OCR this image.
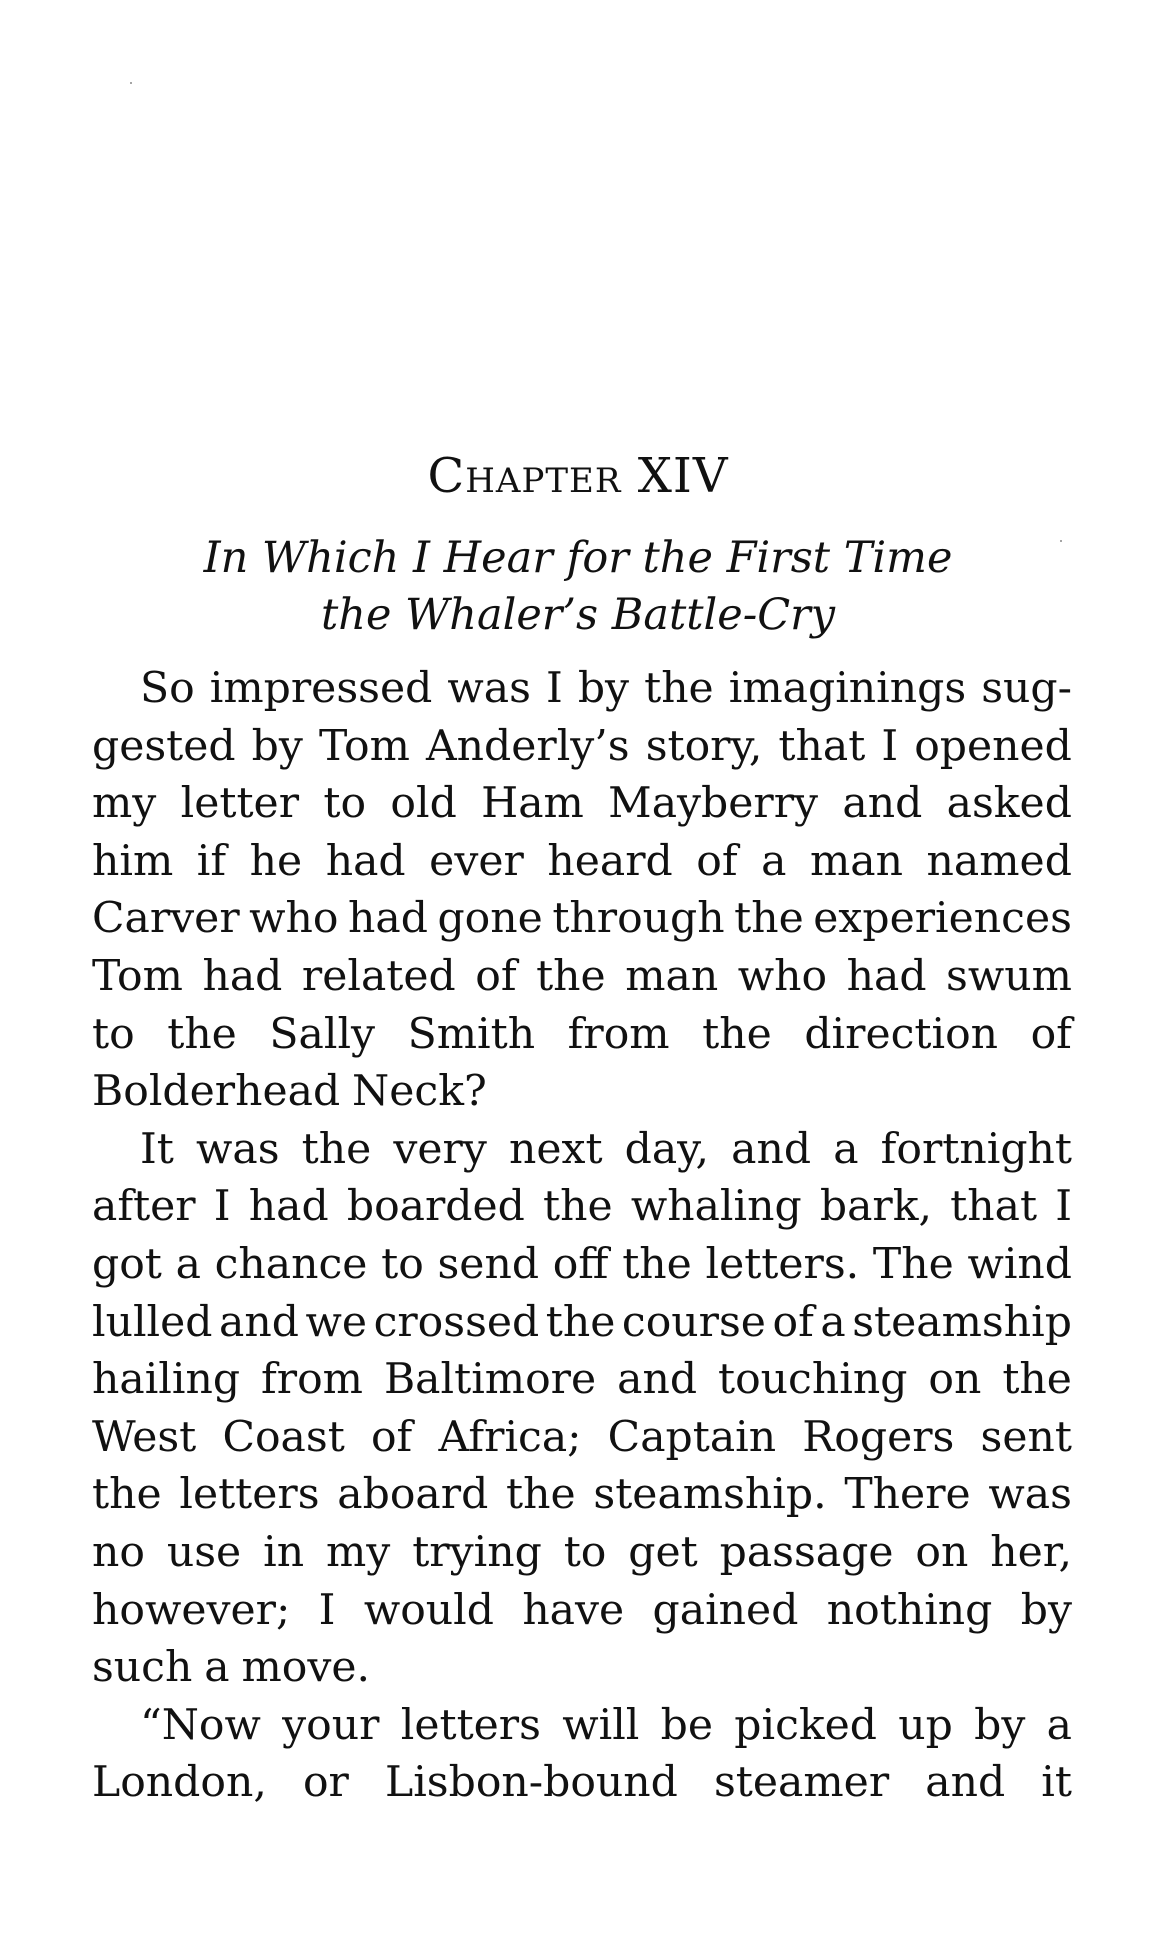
Chapter XIV
In Which I Hear for the First Time
the Whaler’s Battle-Cry
So impressed was I by the imaginings sug-
gested by Tom Anderly’s story, that I opened
my letter to old Ham Mayberry and asked
him if he had ever heard of a man named
Carver who had gone through the experiences
Tom had related of the man who had swum
to the Sally Smith from the direction of
Bolderhead Neck?
It was the very next day, and a fortnight
after I had boarded the whaling bark, that I
got a chance to send off the letters. The wind
lulled and we crossed the course of a steamship
hailing from Baltimore and touching on the
West Coast of Africa; Captain Rogers sent
the letters aboard the steamship. There was
no use in my trying to get passage on her,
however; I would have gained nothing by
such a move.
“Now your letters will be picked up by a
London, or Lisbon-bound steamer and it
